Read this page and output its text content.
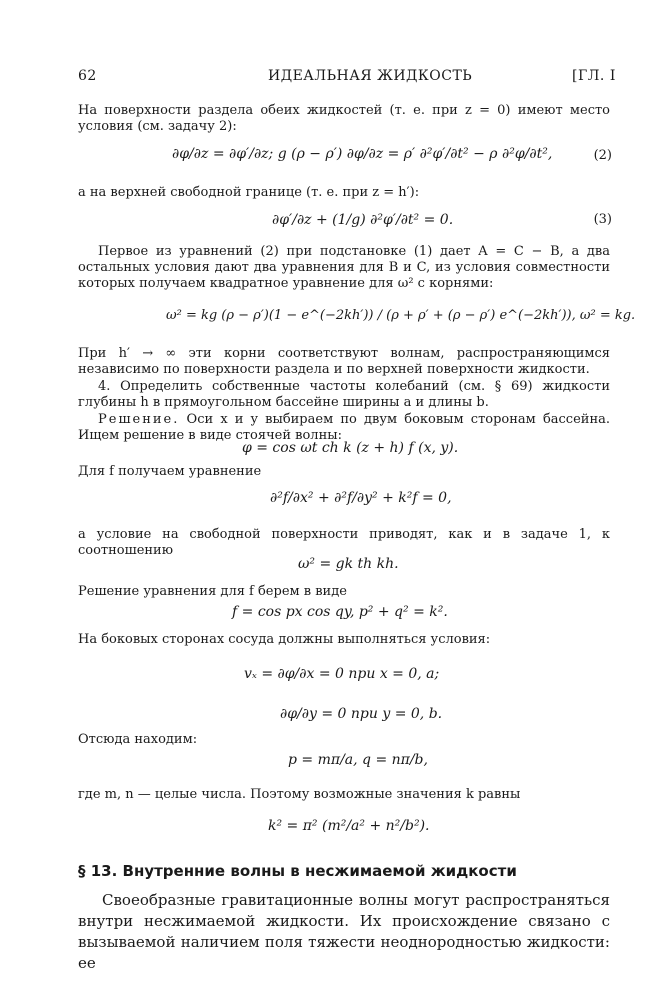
62	ИДЕАЛЬНАЯ ЖИДКОСТЬ	[ГЛ. I
На поверхности раздела обеих жидкостей (т. е. при z = 0) имеют место условия (см. задачу 2):
∂φ/∂z = ∂φ′/∂z; g (ρ − ρ′) ∂φ/∂z = ρ′ ∂²φ′/∂t² − ρ ∂²φ/∂t²,	(2)
а на верхней свободной границе (т. е. при z = h′):
∂φ′/∂z + (1/g) ∂²φ′/∂t² = 0.	(3)
Первое из уравнений (2) при подстановке (1) дает A = C − B, а два остальных условия дают два уравнения для B и C, из условия совместности которых получаем квадратное уравнение для ω² с корнями:
ω² = kg (ρ − ρ′)(1 − e^(−2kh′)) / (ρ + ρ′ + (ρ − ρ′) e^(−2kh′)), ω² = kg.
При h′ → ∞ эти корни соответствуют волнам, распространяющимся независимо по поверхности раздела и по верхней поверхности жидкости.
4. Определить собственные частоты колебаний (см. § 69) жидкости глубины h в прямоугольном бассейне ширины a и длины b.
Решение. Оси x и y выбираем по двум боковым сторонам бассейна. Ищем решение в виде стоячей волны:
φ = cos ωt ch k (z + h) f (x, y).
Для f получаем уравнение
∂²f/∂x² + ∂²f/∂y² + k²f = 0,
а условие на свободной поверхности приводят, как и в задаче 1, к соотношению
ω² = gk th kh.
Решение уравнения для f берем в виде
f = cos px cos qy, p² + q² = k².
На боковых сторонах сосуда должны выполняться условия:
vₓ = ∂φ/∂x = 0 при x = 0, a;
∂φ/∂y = 0 при y = 0, b.
Отсюда находим:
p = mπ/a, q = nπ/b,
где m, n — целые числа. Поэтому возможные значения k равны
k² = π² (m²/a² + n²/b²).
§ 13. Внутренние волны в несжимаемой жидкости
Своеобразные гравитационные волны могут распространяться внутри несжимаемой жидкости. Их происхождение связано с вызываемой наличием поля тяжести неоднородностью жидкости: ее
